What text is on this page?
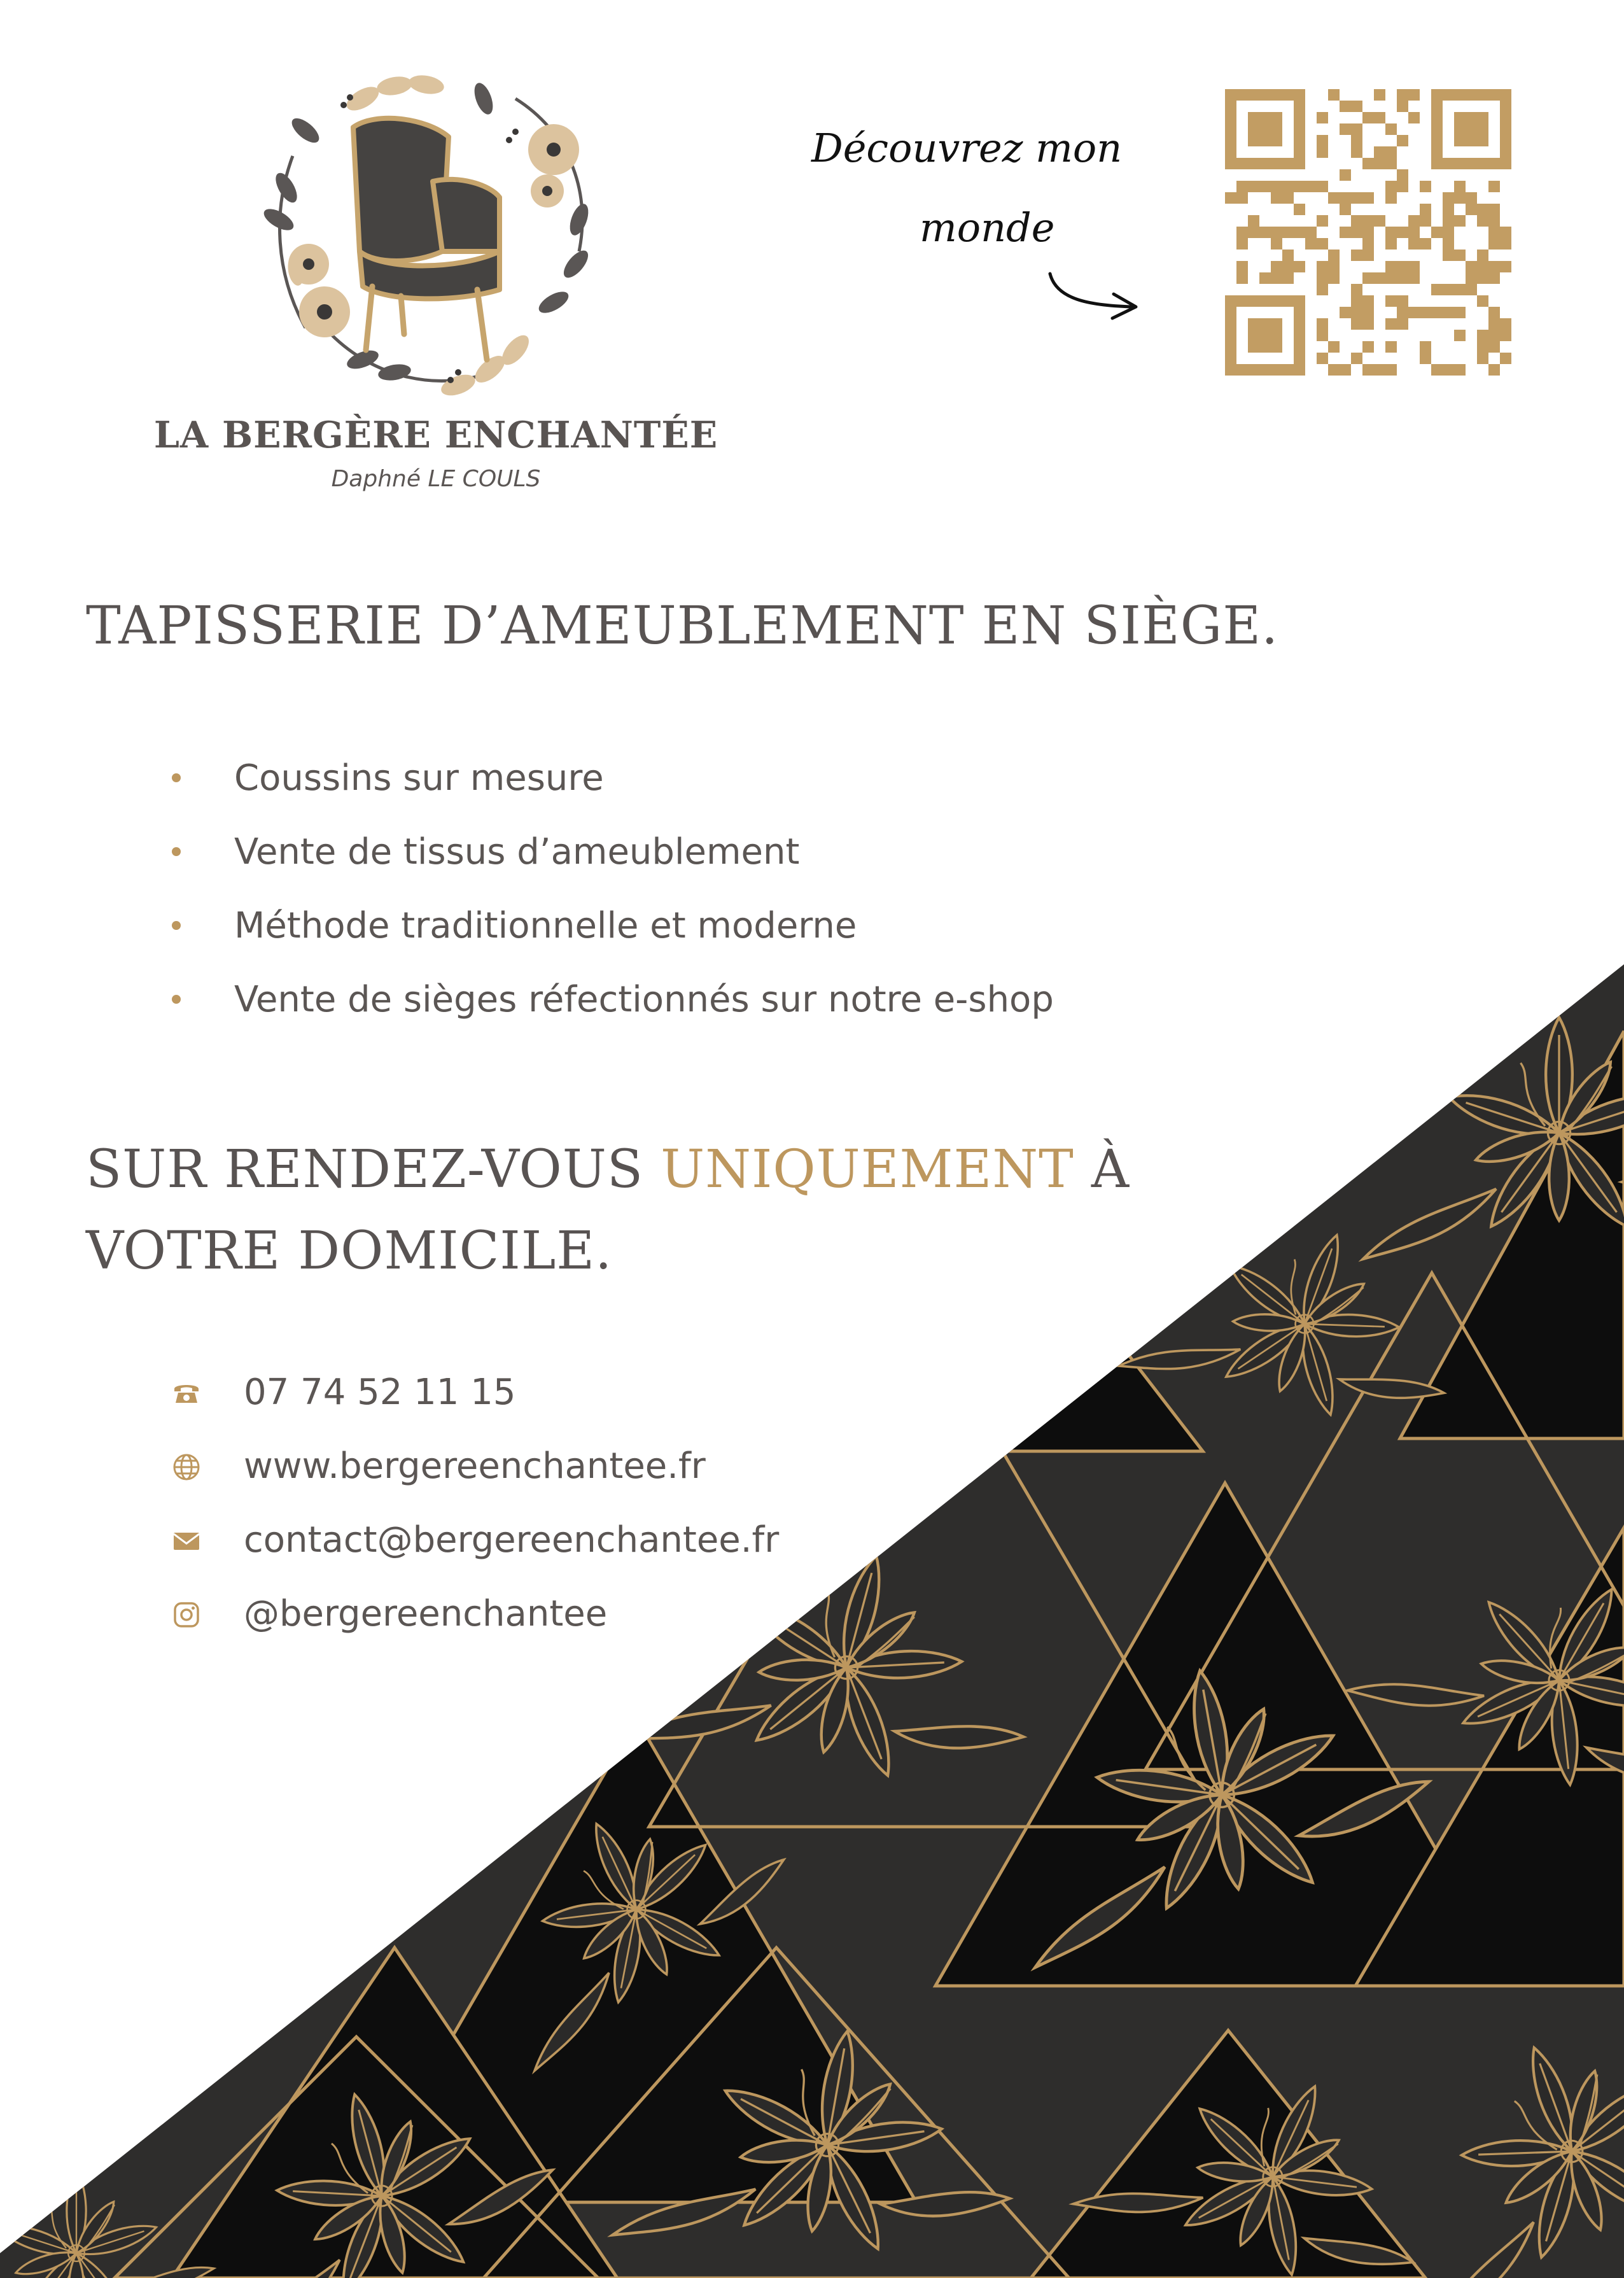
LA BERGÈRE ENCHANTÉE
Daphné LE COULS
Découvrez mon
monde
TAPISSERIE D’AMEUBLEMENT EN SIÈGE.
Coussins sur mesure
Vente de tissus d’ameublement
Méthode traditionnelle et moderne
Vente de sièges réfectionnés sur notre e-shop
SUR RENDEZ-VOUS UNIQUEMENT À
VOTRE DOMICILE.
07 74 52 11 15
www.bergereenchantee.fr
contact@bergereenchantee.fr
@bergereenchantee
